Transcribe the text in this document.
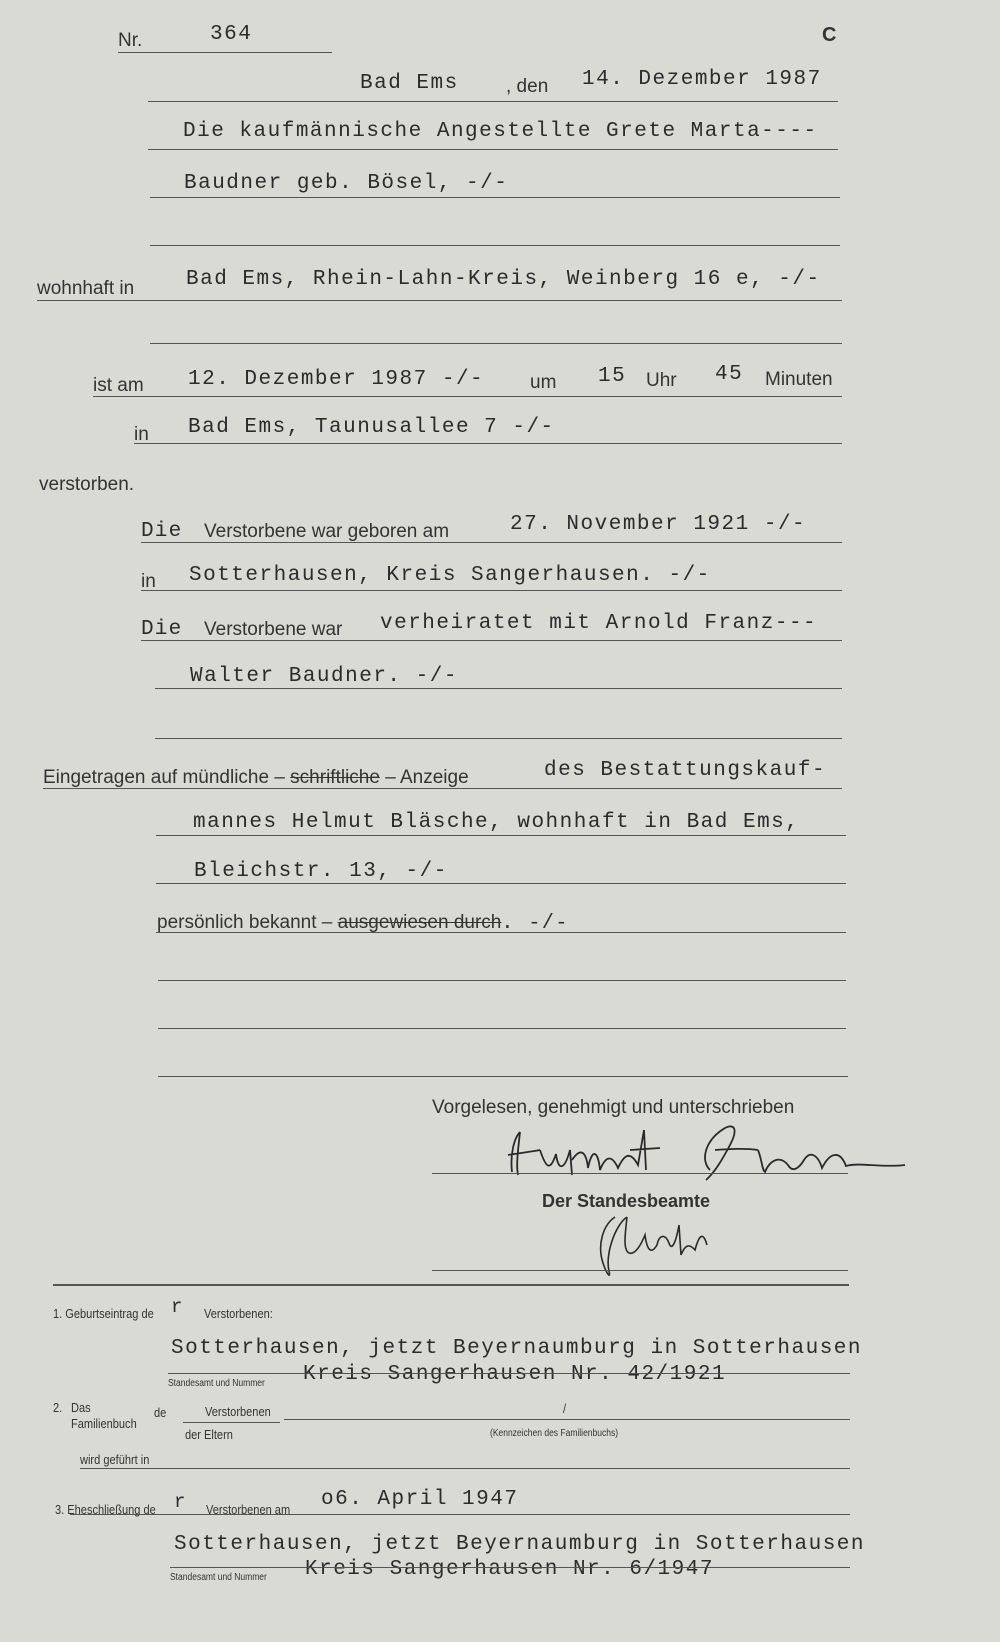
Nr.	364	C
Bad Ems , den 14. Dezember 1987
Die kaufmännische Angestellte Grete Marta----
Baudner geb. Bösel, -/-
wohnhaft in Bad Ems, Rhein-Lahn-Kreis, Weinberg 16 e, -/-
ist am 12. Dezember 1987 -/- um 15 Uhr 45 Minuten
in Bad Ems, Taunusallee 7 -/-
verstorben.
Die Verstorbene war geboren am	27. November 1921 -/-
in Sotterhausen, Kreis Sangerhausen. -/-
Die Verstorbene war verheiratet mit Arnold Franz---
Walter Baudner. -/-
Eingetragen auf mündliche – schriftliche – Anzeige	des Bestattungskauf-
mannes Helmut Bläsche, wohnhaft in Bad Ems,
Bleichstr. 13, -/-
persönlich bekannt – ausgewiesen durch. -/-
Vorgelesen, genehmigt und unterschrieben
Der Standesbeamte
1. Geburtseintrag de r Verstorbenen:
Sotterhausen, jetzt Beyernaumburg in Sotterhausen
Standesamt und Nummer Kreis Sangerhausen Nr. 42/1921
2. Das
Familienbuch
de	Verstorbenen
der Eltern
/
(Kennzeichen des Familienbuchs)
wird geführt in
3. Eheschließung de r Verstorbenen am o6. April 1947
Sotterhausen, jetzt Beyernaumburg in Sotterhausen
Standesamt und Nummer Kreis Sangerhausen Nr. 6/1947
